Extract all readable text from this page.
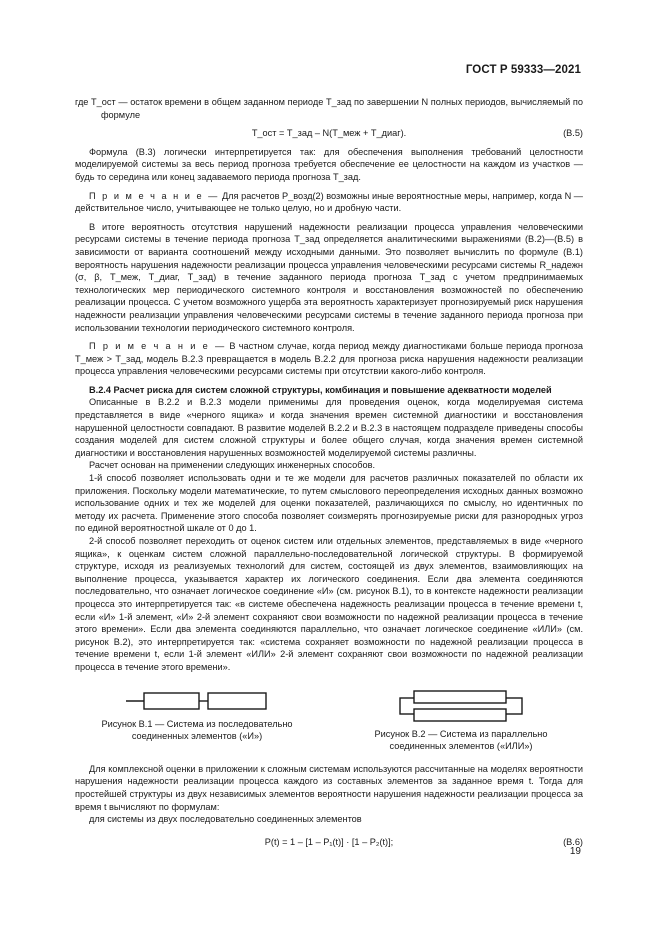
ГОСТ Р 59333—2021

где T_ост — остаток времени в общем заданном периоде T_зад по завершении N полных периодов, вычисляемый по формуле

T_ост = T_зад – N(T_меж + T_диаг).	(В.5)

Формула (В.3) логически интерпретируется так: для обеспечения выполнения требований целостности моделируемой системы за весь период прогноза требуется обеспечение ее целостности на каждом из участков — будь то середина или конец задаваемого периода прогноза T_зад.

П р и м е ч а н и е — Для расчетов P_возд(2) возможны иные вероятностные меры, например, когда N — действительное число, учитывающее не только целую, но и дробную части.

В итоге вероятность отсутствия нарушений надежности реализации процесса управления человеческими ресурсами системы в течение периода прогноза T_зад определяется аналитическими выражениями (В.2)—(В.5) в зависимости от варианта соотношений между исходными данными. Это позволяет вычислить по формуле (В.1) вероятность нарушения надежности реализации процесса управления человеческими ресурсами системы R_надежн (σ, β, T_меж, T_диаг, T_зад) в течение заданного периода прогноза T_зад с учетом предпринимаемых технологических мер периодического системного контроля и восстановления возможностей по обеспечению реализации процесса. С учетом возможного ущерба эта вероятность характеризует прогнозируемый риск нарушения надежности реализации управления человеческими ресурсами системы в течение заданного периода прогноза при использовании технологии периодического системного контроля.

П р и м е ч а н и е — В частном случае, когда период между диагностиками больше периода прогноза T_меж > T_зад, модель В.2.3 превращается в модель В.2.2 для прогноза риска нарушения надежности реализации процесса управления человеческими ресурсами системы при отсутствии какого-либо контроля.

В.2.4 Расчет риска для систем сложной структуры, комбинация и повышение адекватности моделей

Описанные в В.2.2 и В.2.3 модели применимы для проведения оценок, когда моделируемая система представляется в виде «черного ящика» и когда значения времен системной диагностики и восстановления нарушенной целостности совпадают. В развитие моделей В.2.2 и В.2.3 в настоящем подразделе приведены способы создания моделей для систем сложной структуры и более общего случая, когда значения времен системной диагностики и восстановления нарушенных возможностей моделируемой системы различны.

Расчет основан на применении следующих инженерных способов.

1-й способ позволяет использовать одни и те же модели для расчетов различных показателей по области их приложения. Поскольку модели математические, то путем смыслового переопределения исходных данных возможно использование одних и тех же моделей для оценки показателей, различающихся по смыслу, но идентичных по методу их расчета. Применение этого способа позволяет соизмерять прогнозируемые риски для разнородных угроз по единой вероятностной шкале от 0 до 1.

2-й способ позволяет переходить от оценок систем или отдельных элементов, представляемых в виде «черного ящика», к оценкам систем сложной параллельно-последовательной логической структуры. В формируемой структуре, исходя из реализуемых технологий для систем, состоящей из двух элементов, взаимовлияющих на выполнение процесса, указывается характер их логического соединения. Если два элемента соединяются последовательно, что означает логическое соединение «И» (см. рисунок В.1), то в контексте надежности реализации процесса это интерпретируется так: «в системе обеспечена надежность реализации процесса в течение времени t, если «И» 1-й элемент, «И» 2-й элемент сохраняют свои возможности по надежной реализации процесса в течение этого времени». Если два элемента соединяются параллельно, что означает логическое соединение «ИЛИ» (см. рисунок В.2), это интерпретируется так: «система сохраняет возможности по надежной реализации процесса в течение времени t, если 1-й элемент «ИЛИ» 2-й элемент сохраняют свои возможности по надежной реализации процесса в течение этого времени».

Рисунок В.1 — Система из последовательно
соединенных элементов («И»)	Рисунок В.2 — Система из параллельно
соединенных элементов («ИЛИ»)

Для комплексной оценки в приложении к сложным системам используются рассчитанные на моделях вероятности нарушения надежности реализации процесса каждого из составных элементов за заданное время t. Тогда для простейшей структуры из двух независимых элементов вероятности нарушения надежности реализации процесса за время t вычисляют по формулам:

для системы из двух последовательно соединенных элементов

P(t) = 1 – [1 – P₁(t)] · [1 – P₂(t)];	(В.6)
19
